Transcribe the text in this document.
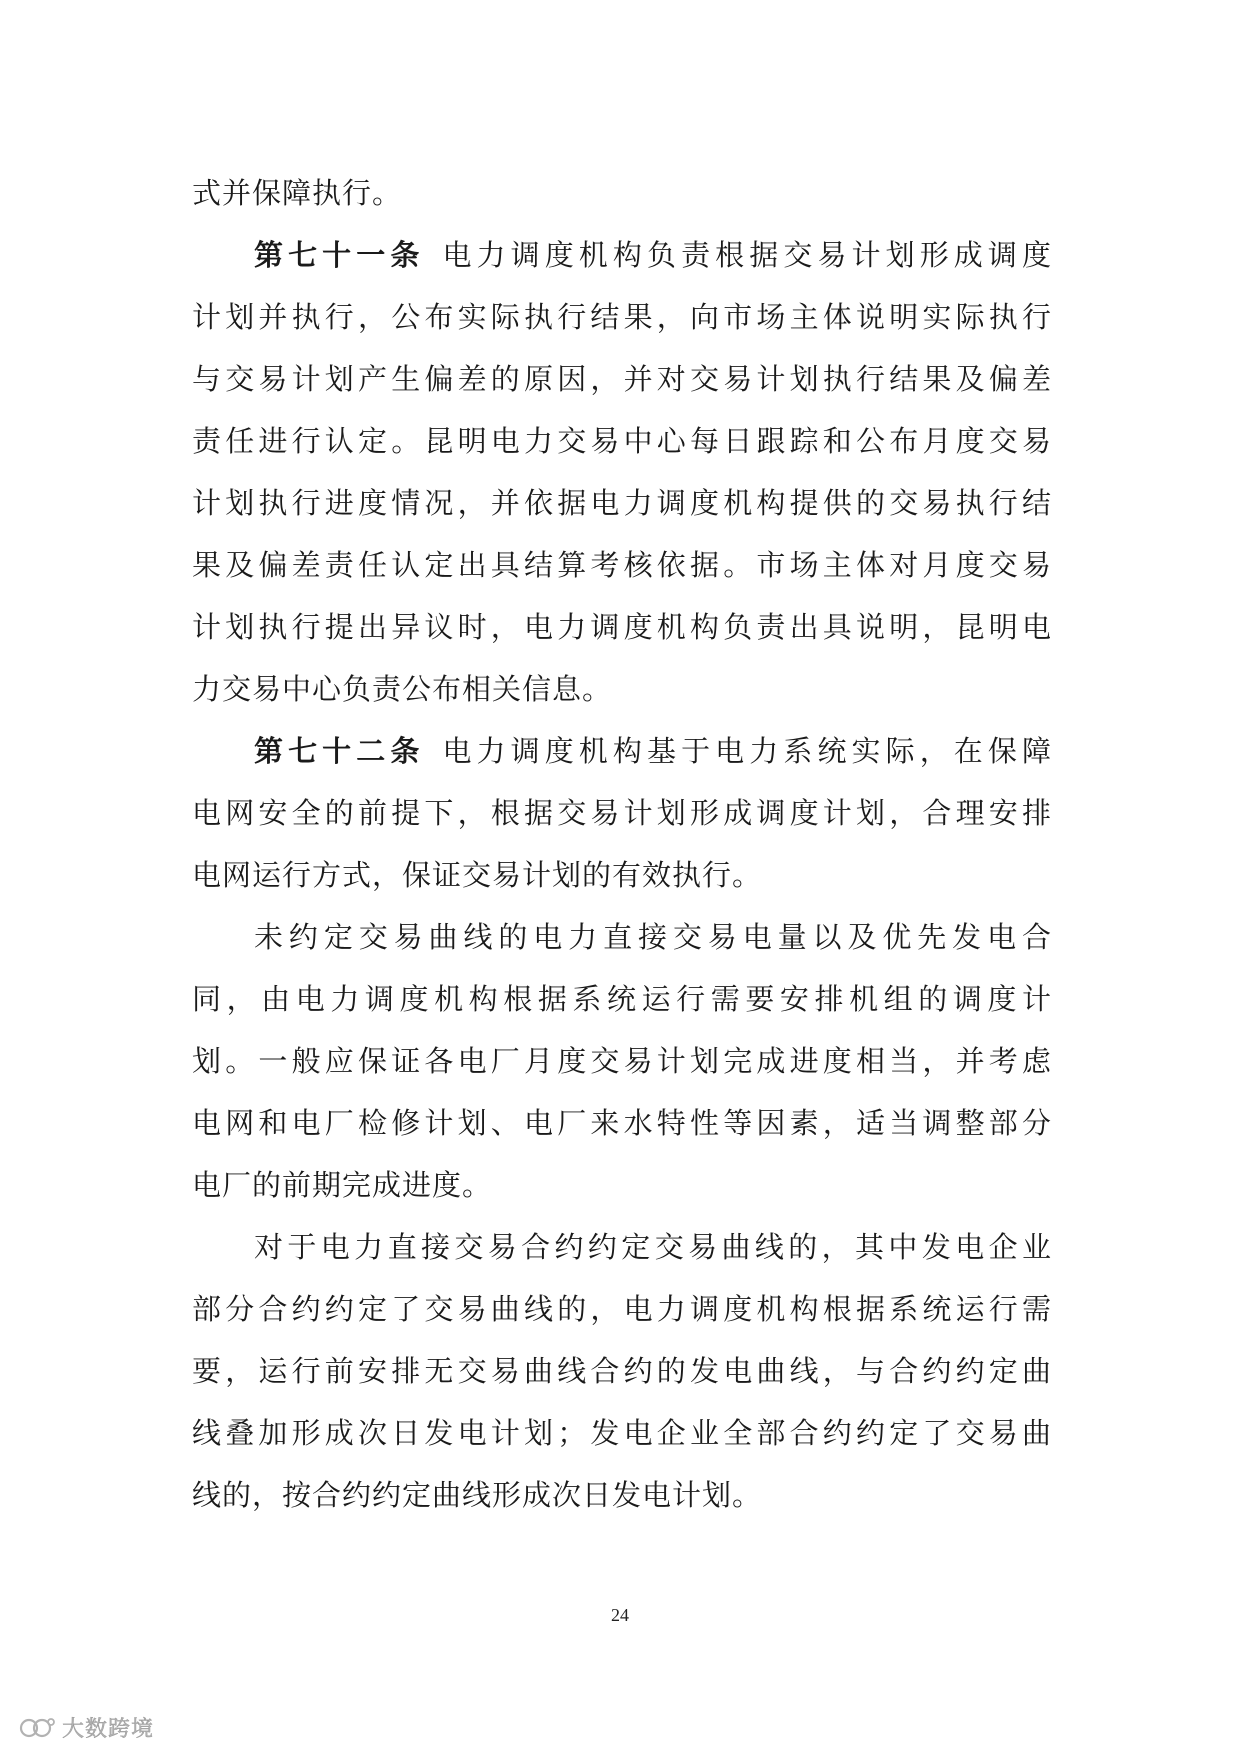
式并保障执行。
第七十一条 电力调度机构负责根据交易计划形成调度
计划并执行，公布实际执行结果，向市场主体说明实际执行
与交易计划产生偏差的原因，并对交易计划执行结果及偏差
责任进行认定。昆明电力交易中心每日跟踪和公布月度交易
计划执行进度情况，并依据电力调度机构提供的交易执行结
果及偏差责任认定出具结算考核依据。市场主体对月度交易
计划执行提出异议时，电力调度机构负责出具说明，昆明电
力交易中心负责公布相关信息。
第七十二条 电力调度机构基于电力系统实际，在保障
电网安全的前提下，根据交易计划形成调度计划，合理安排
电网运行方式，保证交易计划的有效执行。
未约定交易曲线的电力直接交易电量以及优先发电合
同，由电力调度机构根据系统运行需要安排机组的调度计
划。一般应保证各电厂月度交易计划完成进度相当，并考虑
电网和电厂检修计划、电厂来水特性等因素，适当调整部分
电厂的前期完成进度。
对于电力直接交易合约约定交易曲线的，其中发电企业
部分合约约定了交易曲线的，电力调度机构根据系统运行需
要，运行前安排无交易曲线合约的发电曲线，与合约约定曲
线叠加形成次日发电计划；发电企业全部合约约定了交易曲
线的，按合约约定曲线形成次日发电计划。
24
大数跨境
